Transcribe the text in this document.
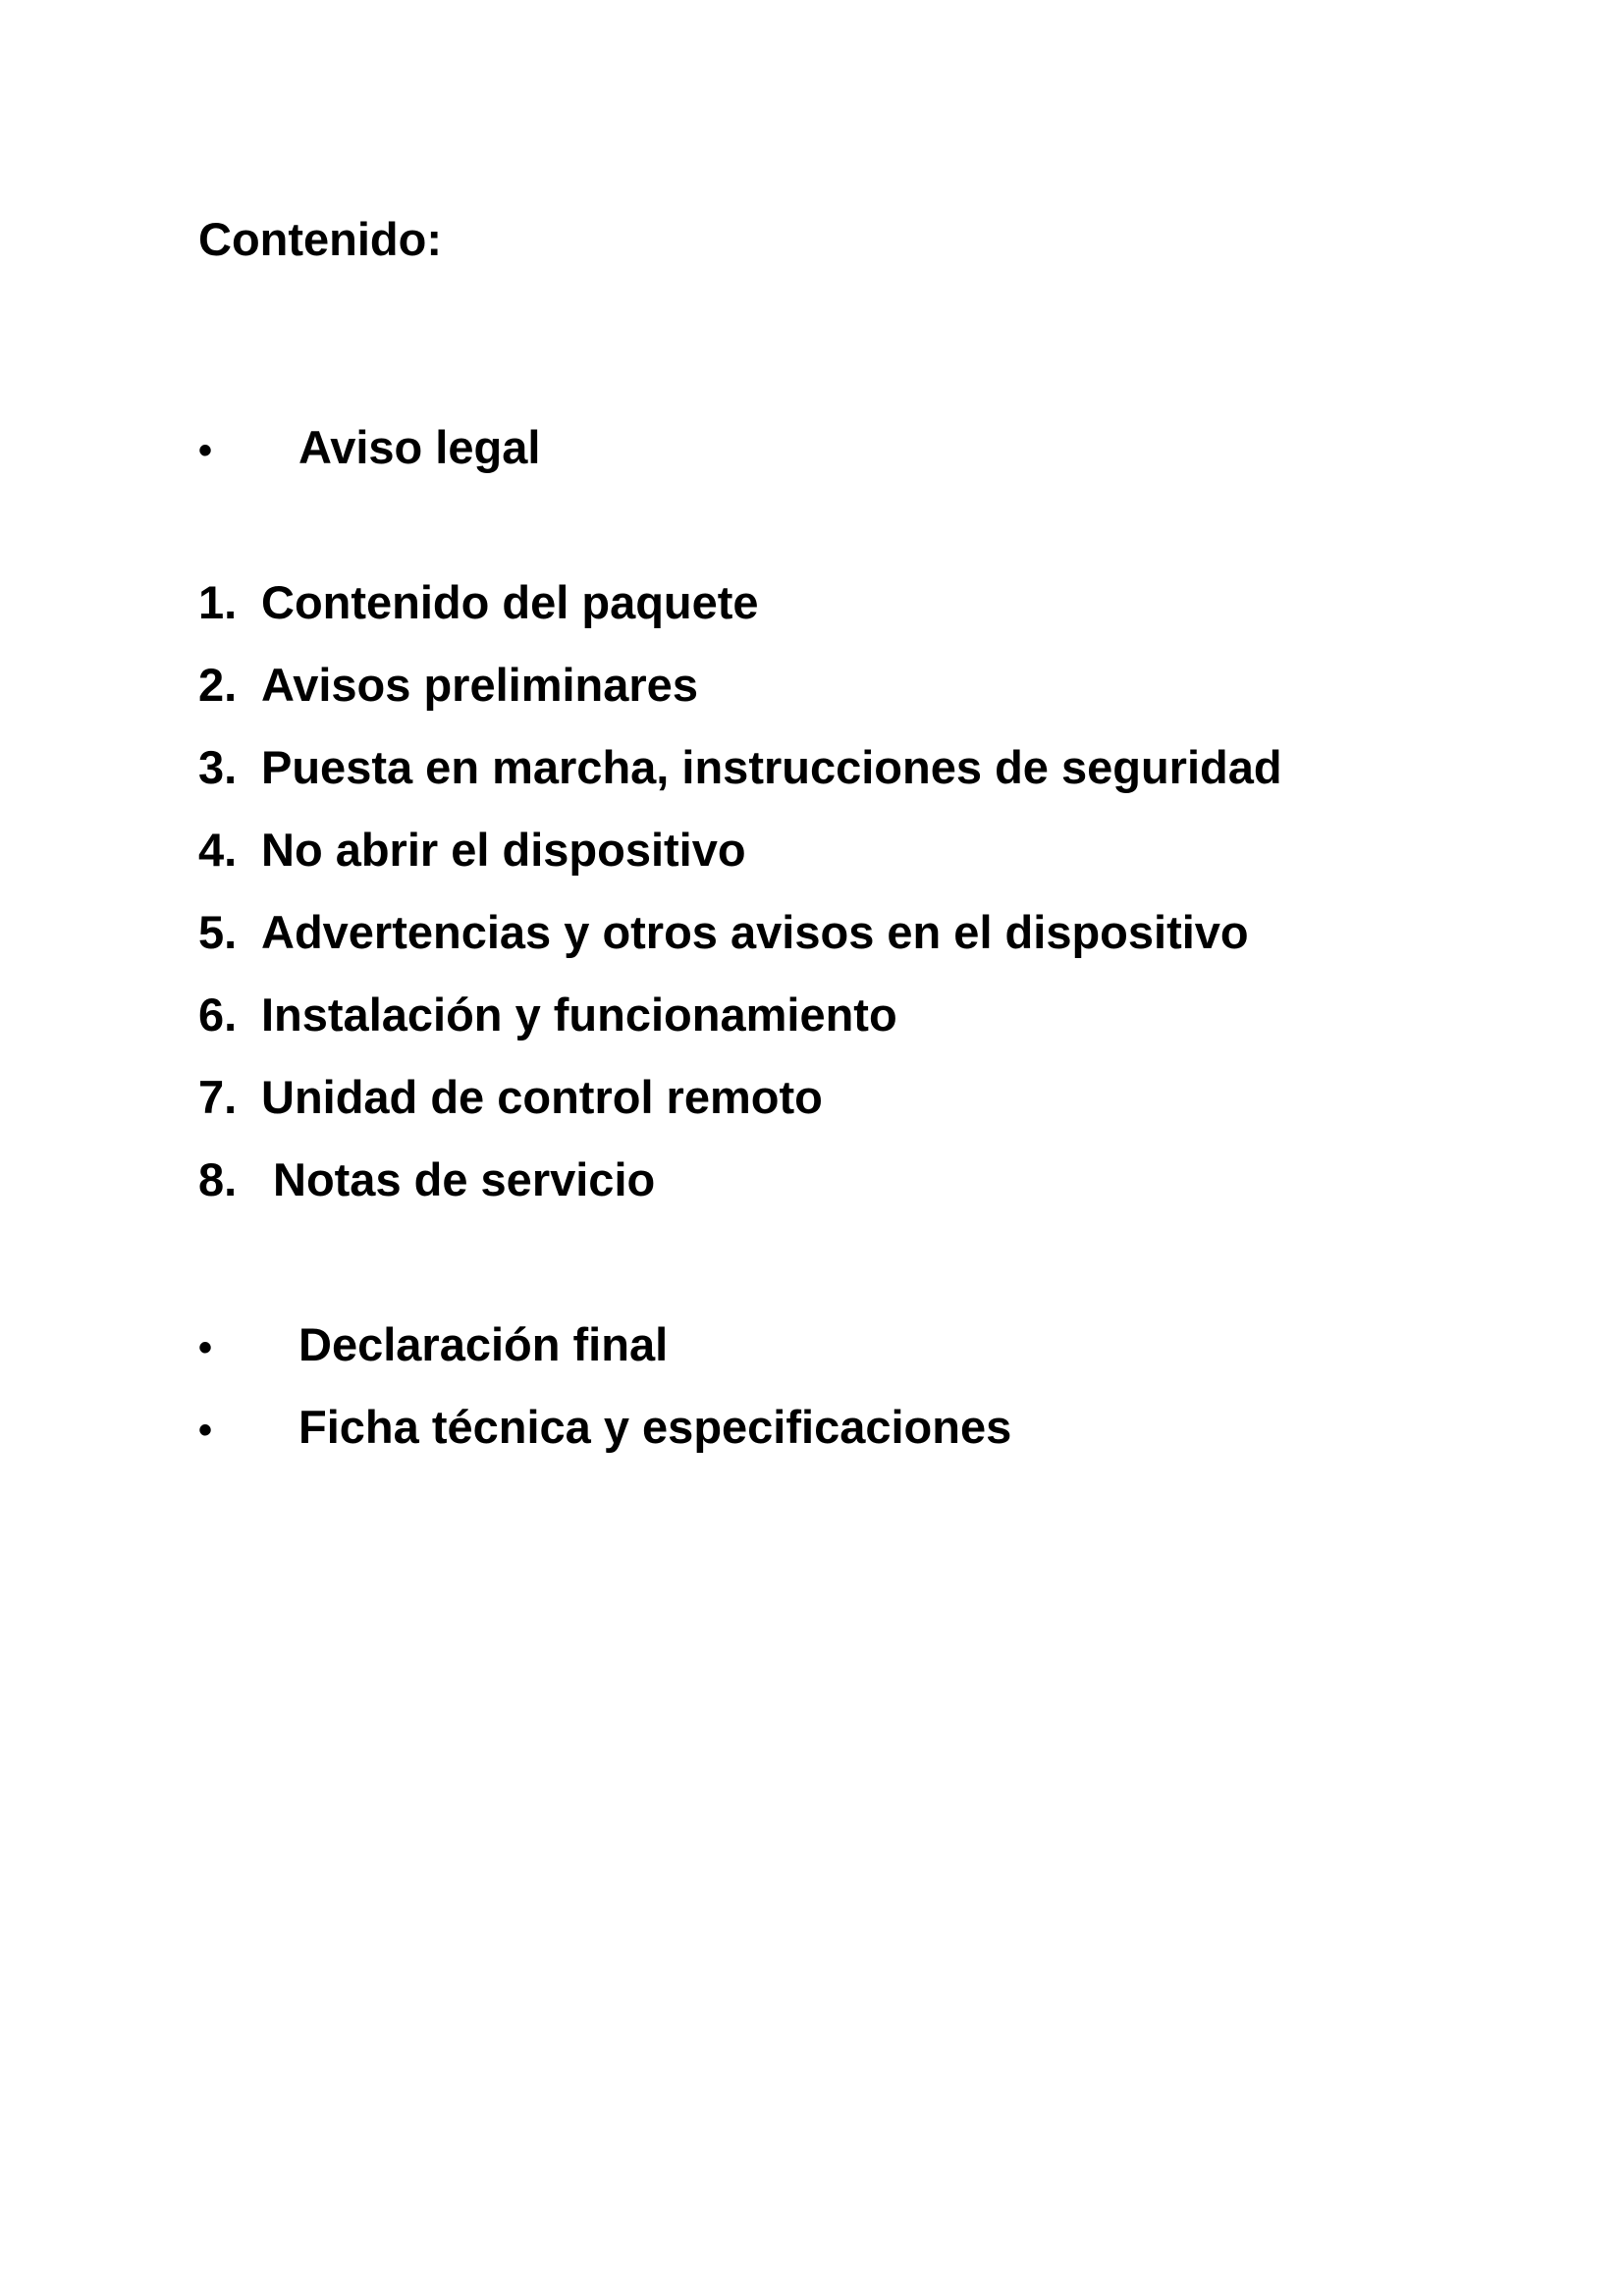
Contenido:
•	Aviso legal
1. Contenido del paquete
2. Avisos preliminares
3. Puesta en marcha, instrucciones de seguridad
4. No abrir el dispositivo
5. Advertencias y otros avisos en el dispositivo
6. Instalación y funcionamiento
7. Unidad de control remoto
8. Notas de servicio
•	Declaración final
•	Ficha técnica y especificaciones
